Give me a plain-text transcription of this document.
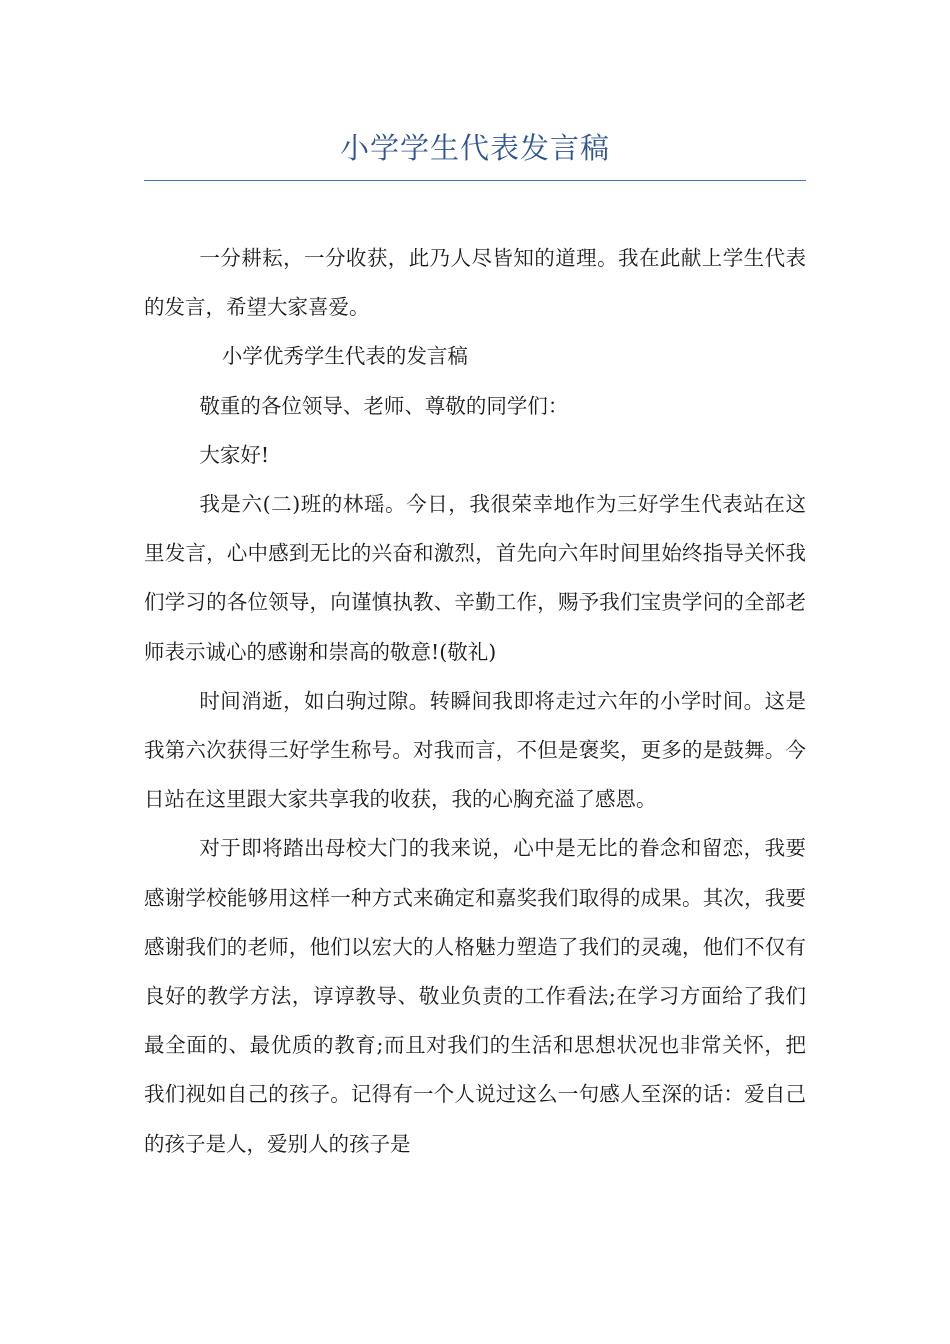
小学学生代表发言稿

一分耕耘，一分收获，此乃人尽皆知的道理。我在此献上学生代表的发言，希望大家喜爱。

小学优秀学生代表的发言稿

敬重的各位领导、老师、尊敬的同学们：

大家好!

我是六(二)班的林瑶。今日，我很荣幸地作为三好学生代表站在这里发言，心中感到无比的兴奋和激烈，首先向六年时间里始终指导关怀我们学习的各位领导，向谨慎执教、辛勤工作，赐予我们宝贵学问的全部老师表示诚心的感谢和崇高的敬意!(敬礼)

时间消逝，如白驹过隙。转瞬间我即将走过六年的小学时间。这是我第六次获得三好学生称号。对我而言，不但是褒奖，更多的是鼓舞。今日站在这里跟大家共享我的收获，我的心胸充溢了感恩。

对于即将踏出母校大门的我来说，心中是无比的眷念和留恋，我要感谢学校能够用这样一种方式来确定和嘉奖我们取得的成果。其次，我要感谢我们的老师，他们以宏大的人格魅力塑造了我们的灵魂，他们不仅有良好的教学方法，谆谆教导、敬业负责的工作看法;在学习方面给了我们最全面的、最优质的教育;而且对我们的生活和思想状况也非常关怀，把我们视如自己的孩子。记得有一个人说过这么一句感人至深的话：爱自己的孩子是人，爱别人的孩子是
